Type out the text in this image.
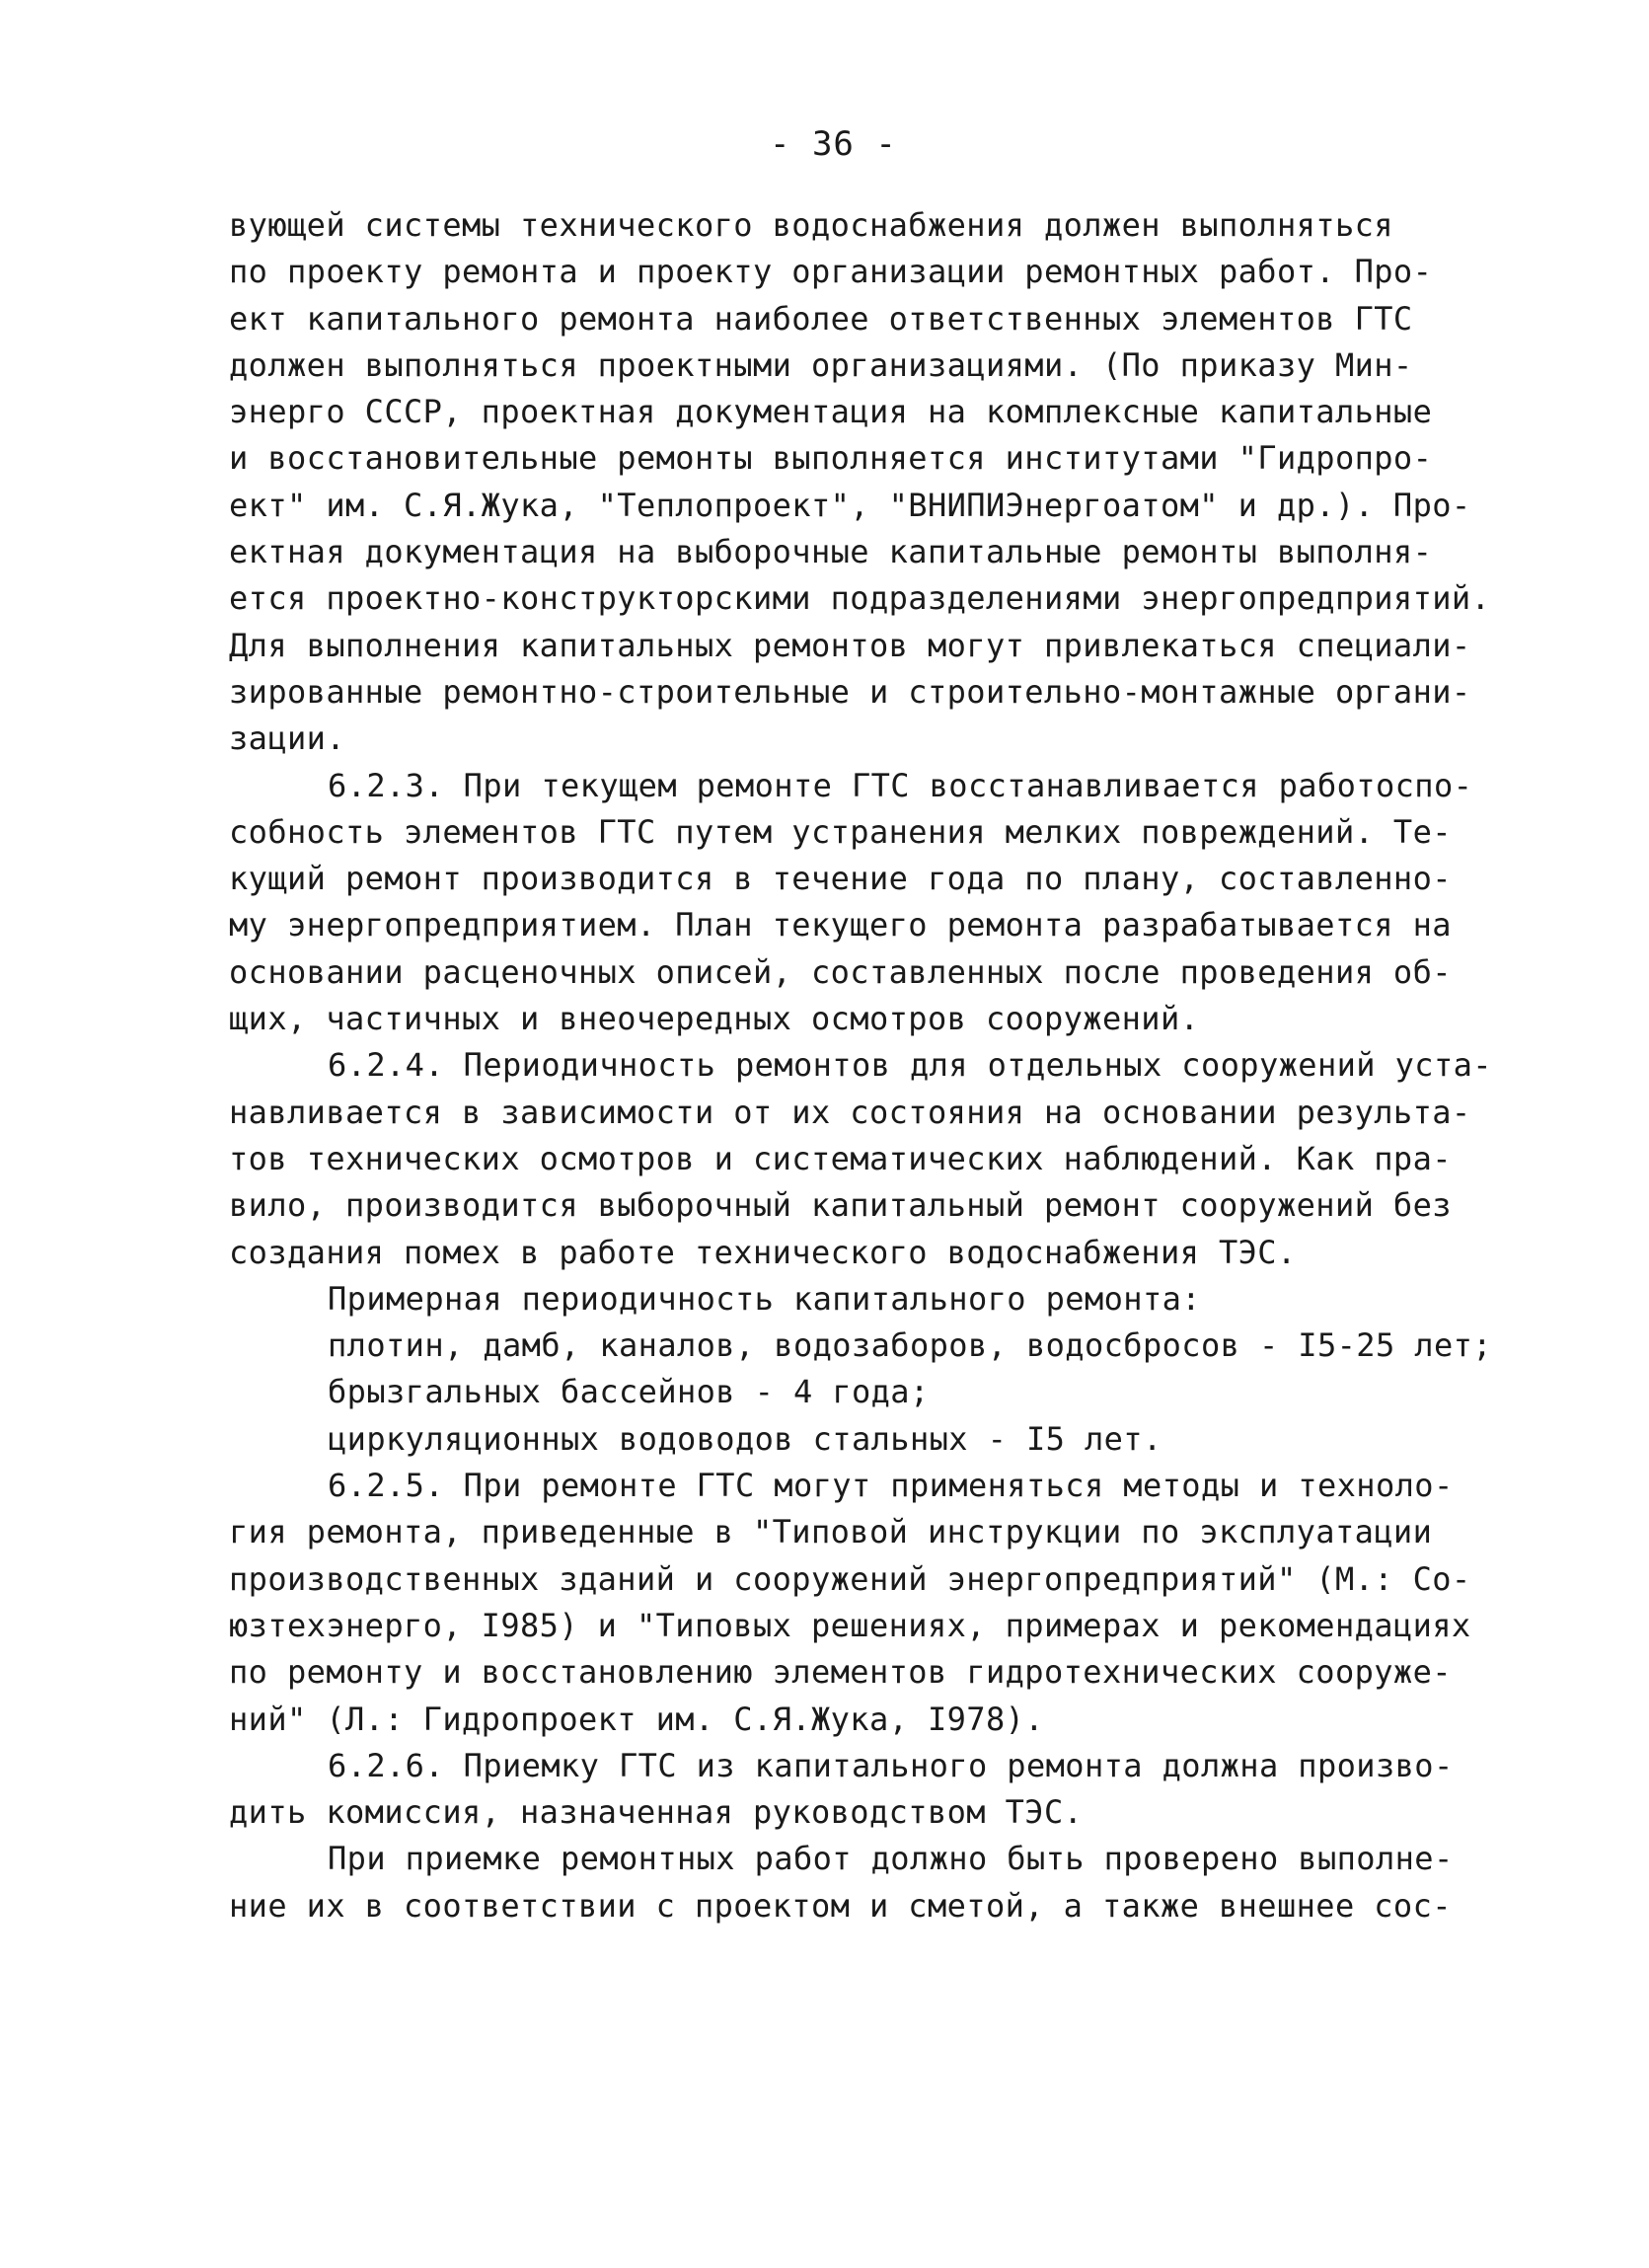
- 36 -
вующей системы технического водоснабжения должен выполняться
по проекту ремонта и проекту организации ремонтных работ. Про-
ект капитального ремонта наиболее ответственных элементов ГТС
должен выполняться проектными организациями. (По приказу Мин-
энерго СССР, проектная документация на комплексные капитальные
и восстановительные ремонты выполняется институтами "Гидропро-
ект" им. С.Я.Жука, "Теплопроект", "ВНИПИЭнергоатом" и др.). Про-
ектная документация на выборочные капитальные ремонты выполня-
ется проектно-конструкторскими подразделениями энергопредприятий.
Для выполнения капитальных ремонтов могут привлекаться специали-
зированные ремонтно-строительные и строительно-монтажные органи-
зации.
6.2.3. При текущем ремонте ГТС восстанавливается работоспо-
собность элементов ГТС путем устранения мелких повреждений. Те-
кущий ремонт производится в течение года по плану, составленно-
му энергопредприятием. План текущего ремонта разрабатывается на
основании расценочных описей, составленных после проведения об-
щих, частичных и внеочередных осмотров сооружений.
6.2.4. Периодичность ремонтов для отдельных сооружений уста-
навливается в зависимости от их состояния на основании результа-
тов технических осмотров и систематических наблюдений. Как пра-
вило, производится выборочный капитальный ремонт сооружений без
создания помех в работе технического водоснабжения ТЭС.
Примерная периодичность капитального ремонта:
плотин, дамб, каналов, водозаборов, водосбросов - I5-25 лет;
брызгальных бассейнов - 4 года;
циркуляционных водоводов стальных - I5 лет.
6.2.5. При ремонте ГТС могут применяться методы и техноло-
гия ремонта, приведенные в "Типовой инструкции по эксплуатации
производственных зданий и сооружений энергопредприятий" (М.: Со-
юзтехэнерго, I985) и "Типовых решениях, примерах и рекомендациях
по ремонту и восстановлению элементов гидротехнических сооруже-
ний" (Л.: Гидропроект им. С.Я.Жука, I978).
6.2.6. Приемку ГТС из капитального ремонта должна произво-
дить комиссия, назначенная руководством ТЭС.
При приемке ремонтных работ должно быть проверено выполне-
ние их в соответствии с проектом и сметой, а также внешнее сос-
